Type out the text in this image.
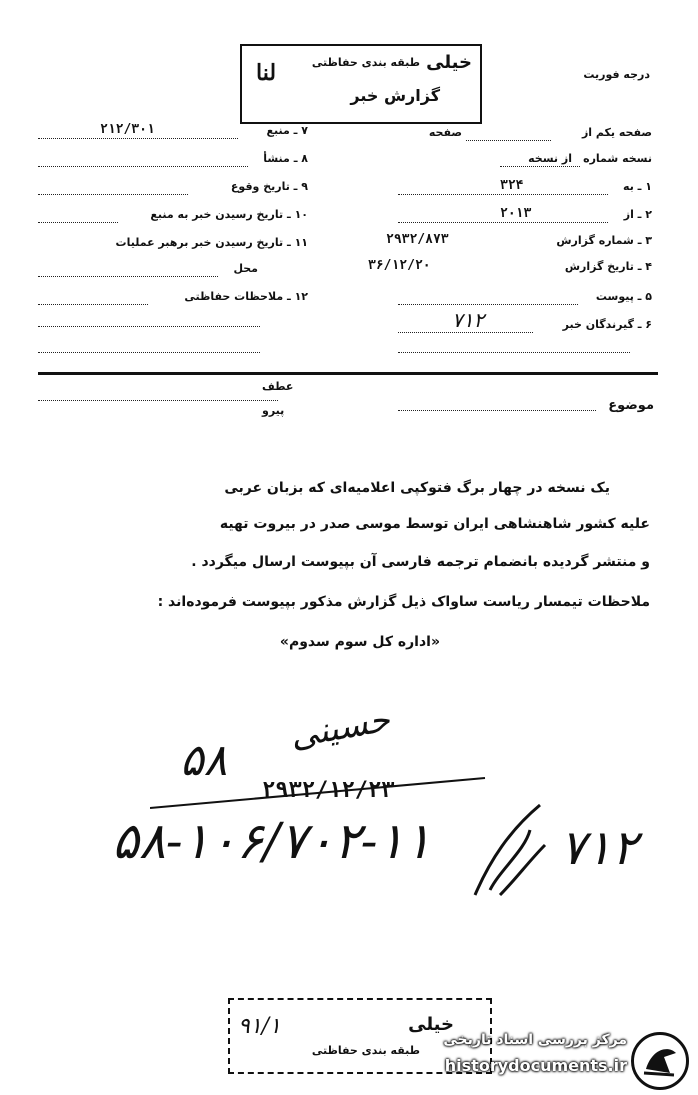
خیلی
طبقه بندی حفاظتی
گزارش خبر
ﻟﻨﺎ	درجه فوریت
۷ ـ منبع
۲۱۲/۳۰۱
۸ ـ منشأ
۹ ـ تاریخ وقوع
۱۰ ـ تاریخ رسیدن خبر به منبع
۱۱ ـ تاریخ رسیدن خبر برهبر عملیات
محل
۱۲ ـ ملاحظات حفاظتی
صفحه یکم از
صفحه
نسخه شماره
از نسخه
۱ ـ به
۳۲۴
۲ ـ از
۲۰۱۳
۳ ـ شماره گزارش
۲۹۳۲/۸۷۳
۴ ـ تاریخ گزارش
۳۶/۱۲/۲۰
۵ ـ پیوست
۶ ـ گیرندگان خبر
۷۱۲
موضوع
عطف
پیرو
یک نسخه در چهار برگ فتوکپی اعلامیه‌ای که بزبان عربی
علیه کشور شاهنشاهی ایران توسط موسی صدر در بیروت تهیه
و منتشر گردیده بانضمام ترجمه فارسی آن بپیوست ارسال میگردد .
ملاحظات تیمسار ریاست ساواک ذیل گزارش مذکور بپیوست فرموده‌اند :
«اداره کل سوم سدوم»
حسینی
۵۸
۲۹۳۲/۱۲/۲۳
۵۸-۱۰۶/۷۰۲-۱۱	۷۱۲
خیلی
طبقه بندی حفاظتی
۹۱/۱
مرکز بررسی اسناد تاریخی
historydocuments.ir
